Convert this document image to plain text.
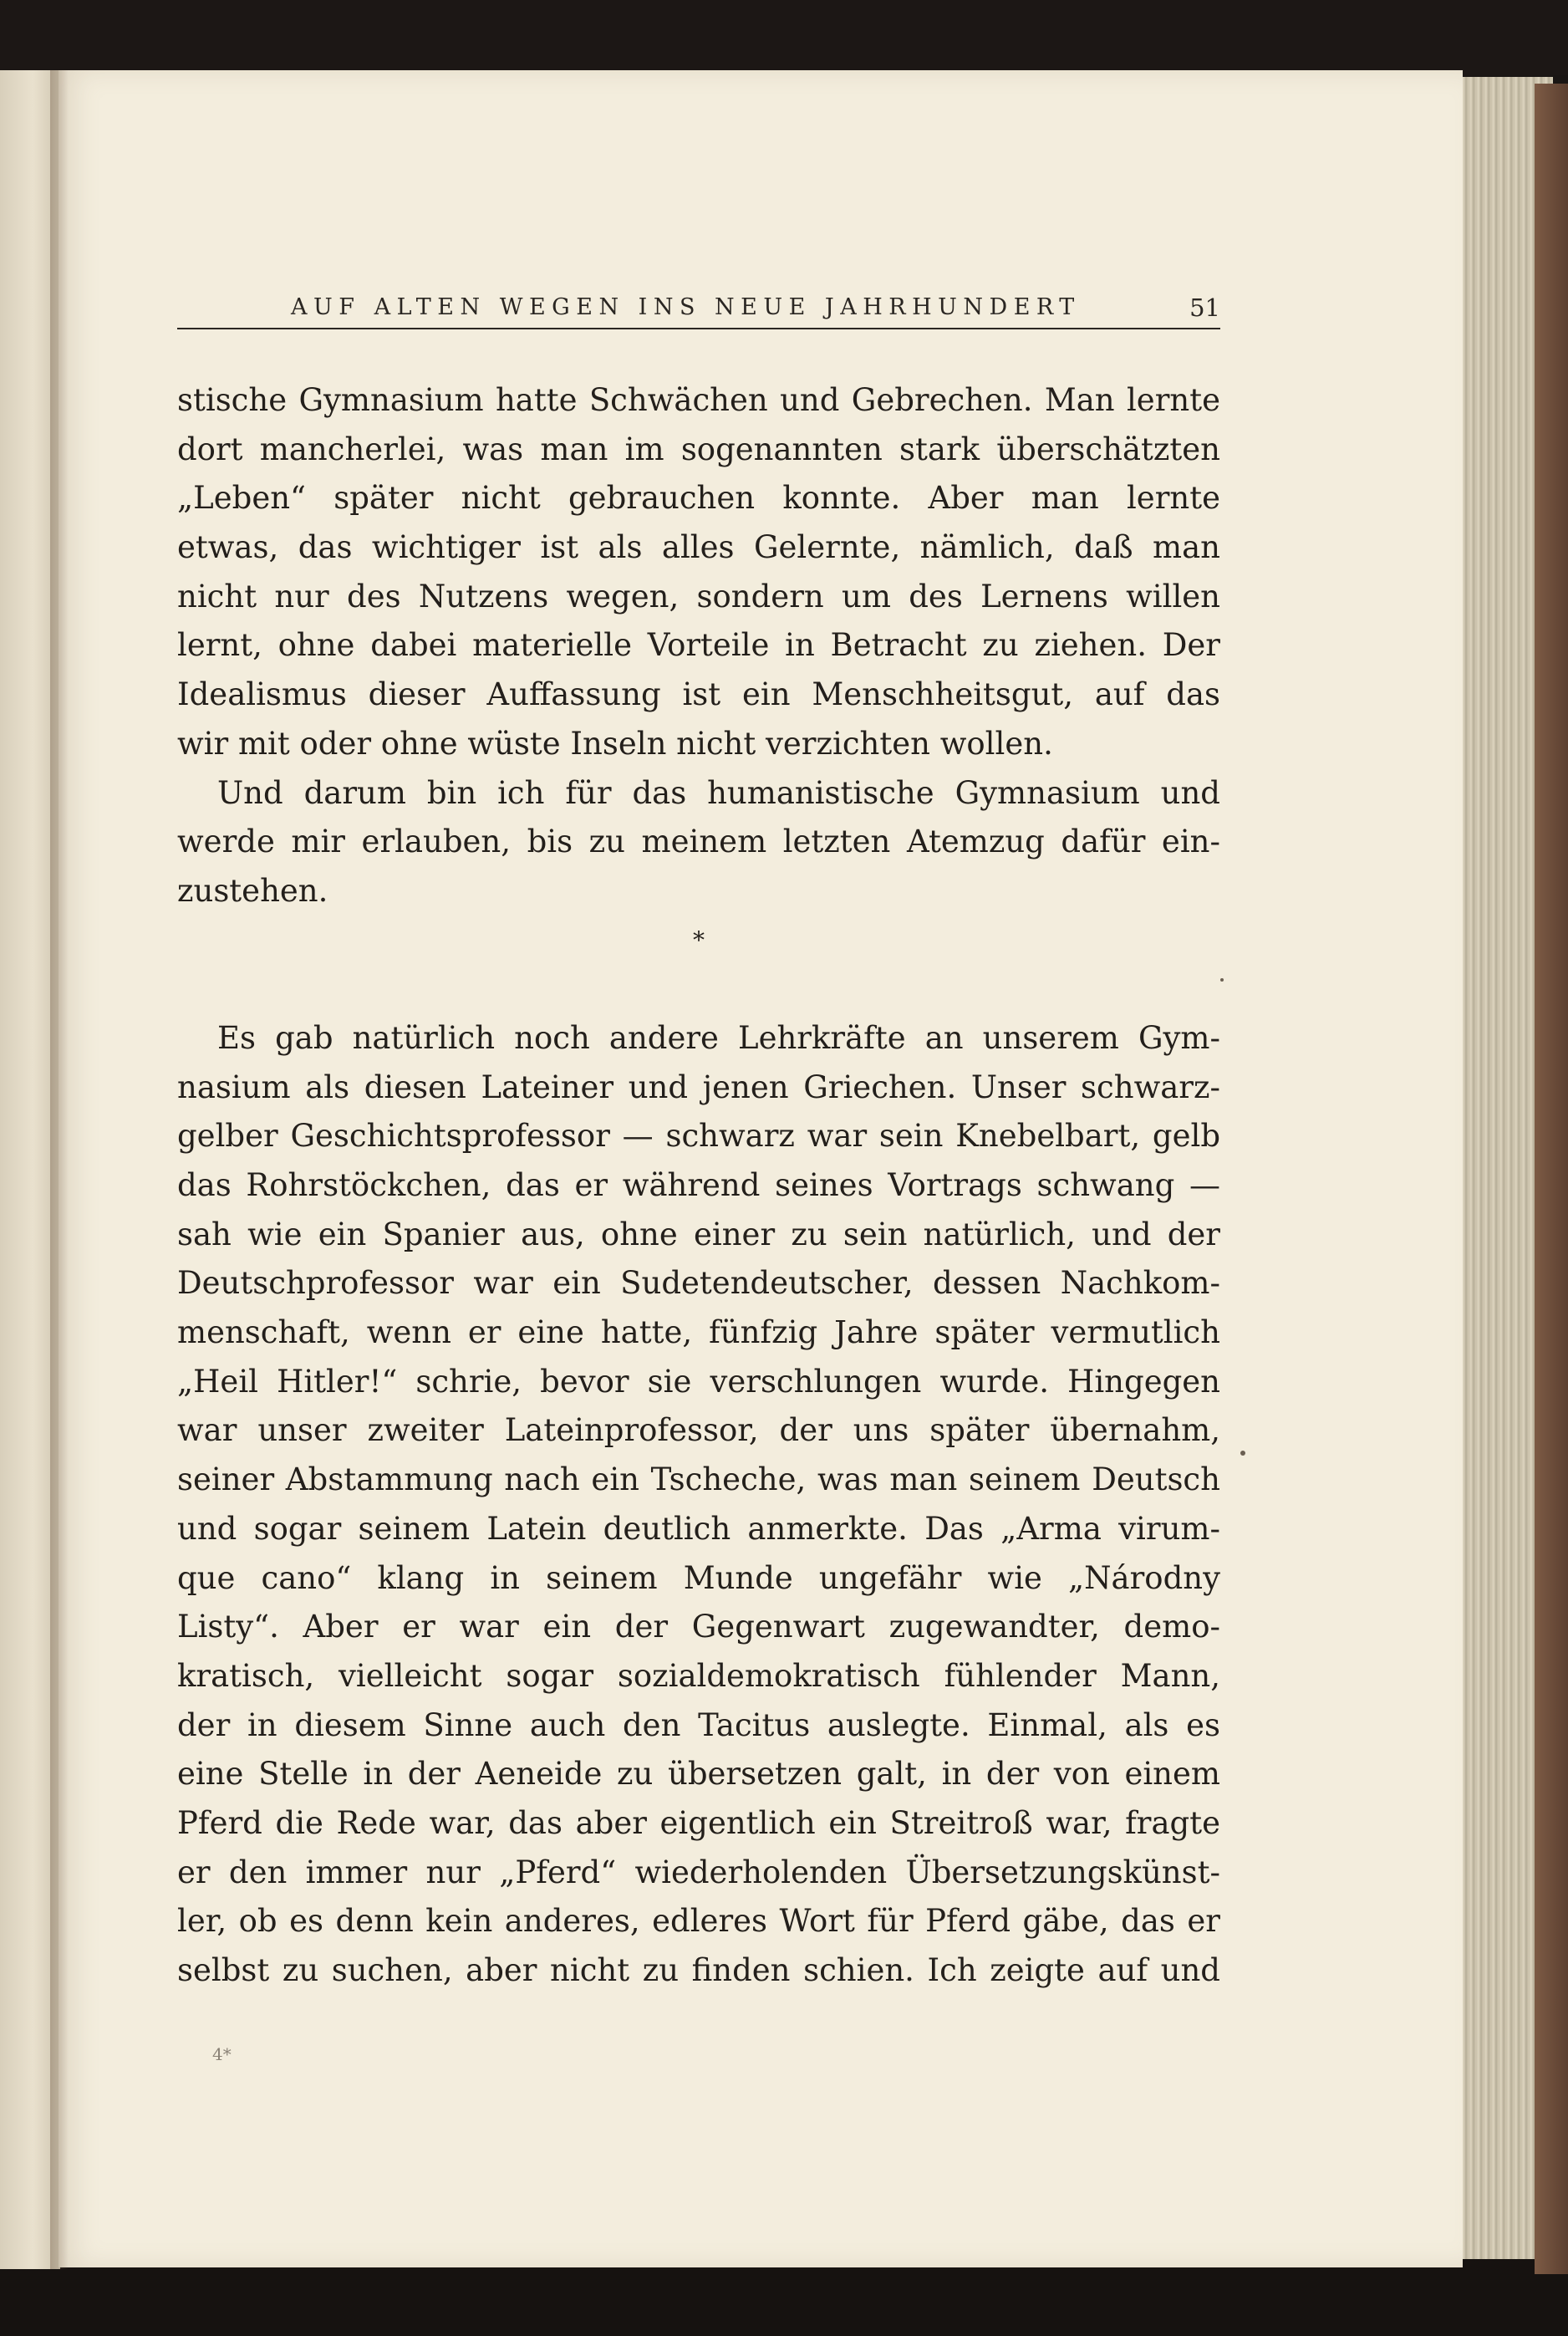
AUF ALTEN WEGEN INS NEUE JAHRHUNDERT	51
stische Gymnasium hatte Schwächen und Gebrechen. Man lernte
dort mancherlei, was man im sogenannten stark überschätzten
„Leben“ später nicht gebrauchen konnte. Aber man lernte
etwas, das wichtiger ist als alles Gelernte, nämlich, daß man
nicht nur des Nutzens wegen, sondern um des Lernens willen
lernt, ohne dabei materielle Vorteile in Betracht zu ziehen. Der
Idealismus dieser Auffassung ist ein Menschheitsgut, auf das
wir mit oder ohne wüste Inseln nicht verzichten wollen.
Und darum bin ich für das humanistische Gymnasium und
werde mir erlauben, bis zu meinem letzten Atemzug dafür ein-
zustehen.
*
Es gab natürlich noch andere Lehrkräfte an unserem Gym-
nasium als diesen Lateiner und jenen Griechen. Unser schwarz-
gelber Geschichtsprofessor — schwarz war sein Knebelbart, gelb
das Rohrstöckchen, das er während seines Vortrags schwang —
sah wie ein Spanier aus, ohne einer zu sein natürlich, und der
Deutschprofessor war ein Sudetendeutscher, dessen Nachkom-
menschaft, wenn er eine hatte, fünfzig Jahre später vermutlich
„Heil Hitler!“ schrie, bevor sie verschlungen wurde. Hingegen
war unser zweiter Lateinprofessor, der uns später übernahm,
seiner Abstammung nach ein Tscheche, was man seinem Deutsch
und sogar seinem Latein deutlich anmerkte. Das „Arma virum-
que cano“ klang in seinem Munde ungefähr wie „Národny
Listy“. Aber er war ein der Gegenwart zugewandter, demo-
kratisch, vielleicht sogar sozialdemokratisch fühlender Mann,
der in diesem Sinne auch den Tacitus auslegte. Einmal, als es
eine Stelle in der Aeneide zu übersetzen galt, in der von einem
Pferd die Rede war, das aber eigentlich ein Streitroß war, fragte
er den immer nur „Pferd“ wiederholenden Übersetzungskünst-
ler, ob es denn kein anderes, edleres Wort für Pferd gäbe, das er
selbst zu suchen, aber nicht zu finden schien. Ich zeigte auf und
4*
